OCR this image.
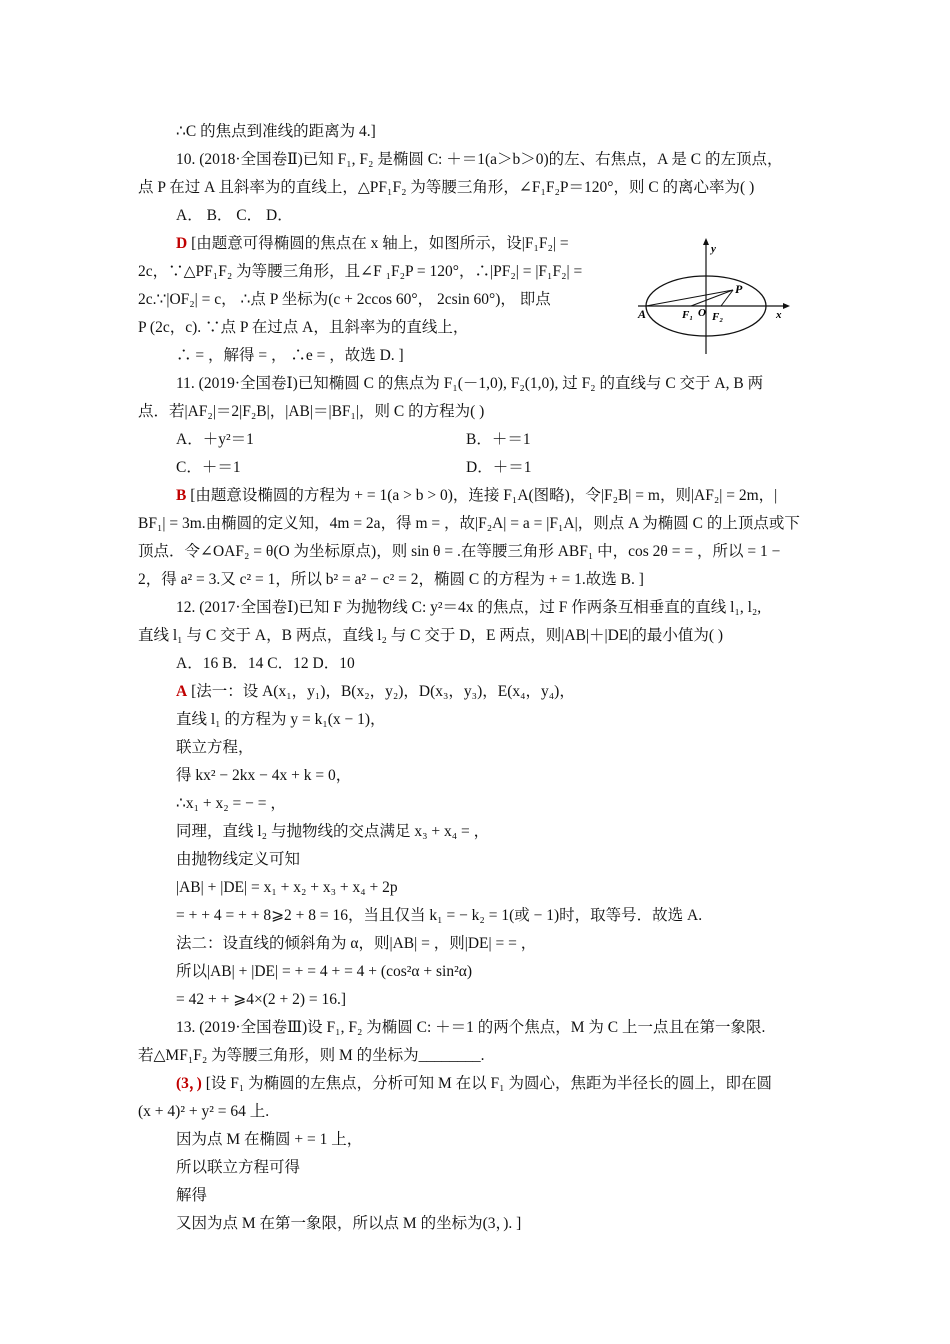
∴C 的焦点到准线的距离为 4.]
10. (2018·全国卷Ⅱ)已知 F₁, F₂ 是椭圆 C: ＋＝1(a＞b＞0)的左、右焦点，A 是 C 的左顶点，
点 P 在过 A 且斜率为的直线上，△PF₁F₂ 为等腰三角形，∠F₁F₂P＝120°，则 C 的离心率为( )
A． B． C． D．
D [由题意可得椭圆的焦点在 x 轴上，如图所示，设|F₁F₂| =
2c，∵△PF₁F₂ 为等腰三角形，且∠F ₁F₂P = 120°，∴|PF₂| = |F₁F₂| =
2c.∵|OF₂| = c， ∴点 P 坐标为(c + 2ccos 60°， 2csin 60°)， 即点
P (2c，c). ∵点 P 在过点 A，且斜率为的直线上，
∴ = ，解得 = ， ∴e = ，故选 D. ]
11. (2019·全国卷Ⅰ)已知椭圆 C 的焦点为 F₁(－1,0), F₂(1,0), 过 F₂ 的直线与 C 交于 A, B 两
点．若|AF₂|＝2|F₂B|，|AB|＝|BF₁|，则 C 的方程为( )
A．＋y²＝1	B．＋＝1
C．＋＝1	D．＋＝1
B [由题意设椭圆的方程为 + = 1(a > b > 0)，连接 F₁A(图略)，令|F₂B| = m，则|AF₂| = 2m，|
BF₁| = 3m.由椭圆的定义知，4m = 2a，得 m = ，故|F₂A| = a = |F₁A|，则点 A 为椭圆 C 的上顶点或下
顶点．令∠OAF₂ = θ(O 为坐标原点)，则 sin θ = .在等腰三角形 ABF₁ 中，cos 2θ = = ，所以 = 1 −
2，得 a² = 3.又 c² = 1，所以 b² = a² − c² = 2，椭圆 C 的方程为 + = 1.故选 B. ]
12. (2017·全国卷Ⅰ)已知 F 为抛物线 C: y²＝4x 的焦点，过 F 作两条互相垂直的直线 l₁, l₂,
直线 l₁ 与 C 交于 A，B 两点，直线 l₂ 与 C 交于 D，E 两点，则|AB|＋|DE|的最小值为( )
A．16 B．14 C．12 D．10
A [法一：设 A(x₁，y₁)，B(x₂，y₂)，D(x₃，y₃)，E(x₄，y₄)，
直线 l₁ 的方程为 y = k₁(x − 1)，
联立方程，
得 kx² − 2kx − 4x + k = 0，
∴x₁ + x₂ = − = ，
同理，直线 l₂ 与抛物线的交点满足 x₃ + x₄ = ，
由抛物线定义可知
|AB| + |DE| = x₁ + x₂ + x₃ + x₄ + 2p
= + + 4 = + + 8⩾2 + 8 = 16，当且仅当 k₁ = − k₂ = 1(或 − 1)时，取等号．故选 A.
法二：设直线的倾斜角为 α，则|AB| = ，则|DE| = = ，
所以|AB| + |DE| = + = 4 + = 4 + (cos²α + sin²α)
= 42 + + ⩾4×(2 + 2) = 16.]
13. (2019·全国卷Ⅲ)设 F₁, F₂ 为椭圆 C: ＋＝1 的两个焦点，M 为 C 上一点且在第一象限.
若△MF₁F₂ 为等腰三角形，则 M 的坐标为________.
(3，) [设 F₁ 为椭圆的左焦点，分析可知 M 在以 F₁ 为圆心，焦距为半径长的圆上，即在圆
(x + 4)² + y² = 64 上.
因为点 M 在椭圆 + = 1 上，
所以联立方程可得
解得
又因为点 M 在第一象限，所以点 M 的坐标为(3，). ]
y
x
P
A	F₁ O F₂
